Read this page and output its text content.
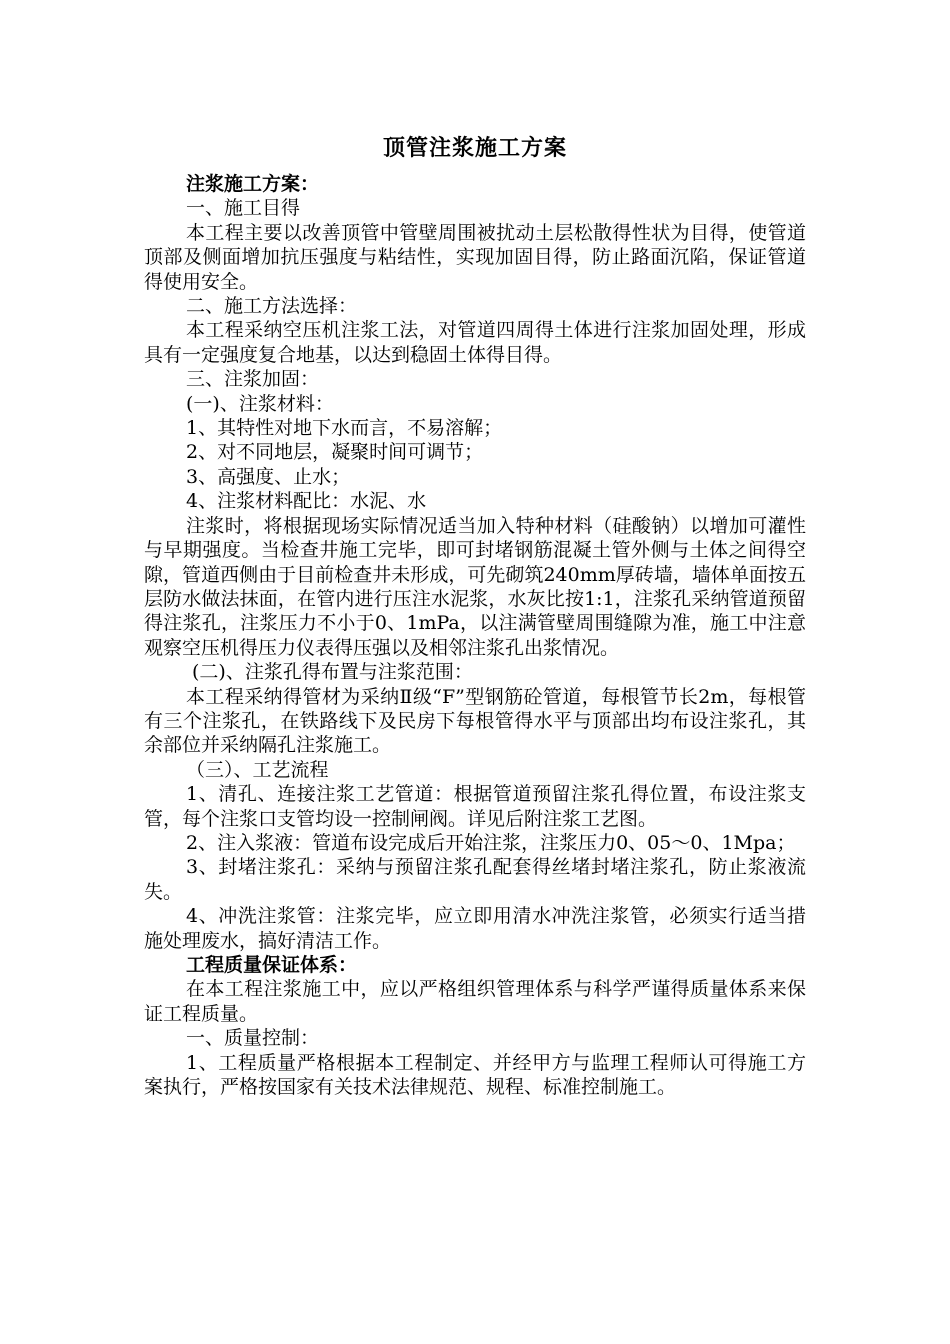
顶管注浆施工方案

注浆施工方案：

一、施工目得

本工程主要以改善顶管中管壁周围被扰动土层松散得性状为目得，使管道顶部及侧面增加抗压强度与粘结性，实现加固目得，防止路面沉陷，保证管道得使用安全。

二、施工方法选择：

本工程采纳空压机注浆工法，对管道四周得土体进行注浆加固处理，形成具有一定强度复合地基，以达到稳固土体得目得。

三、注浆加固：

(一)、注浆材料：

1、其特性对地下水而言，不易溶解；

2、对不同地层，凝聚时间可调节；

3、高强度、止水；

4、注浆材料配比：水泥、水

注浆时，将根据现场实际情况适当加入特种材料（硅酸钠）以增加可灌性与早期强度。当检查井施工完毕，即可封堵钢筋混凝土管外侧与土体之间得空隙，管道西侧由于目前检查井未形成，可先砌筑240mm厚砖墙，墙体单面按五层防水做法抹面，在管内进行压注水泥浆，水灰比按1:1，注浆孔采纳管道预留得注浆孔，注浆压力不小于0、1mPa，以注满管壁周围缝隙为准，施工中注意观察空压机得压力仪表得压强以及相邻注浆孔出浆情况。

(二)、注浆孔得布置与注浆范围：

本工程采纳得管材为采纳Ⅱ级“F”型钢筋砼管道，每根管节长2m，每根管有三个注浆孔，在铁路线下及民房下每根管得水平与顶部出均布设注浆孔，其余部位并采纳隔孔注浆施工。

（三）、工艺流程

1、清孔、连接注浆工艺管道：根据管道预留注浆孔得位置，布设注浆支管，每个注浆口支管均设一控制闸阀。详见后附注浆工艺图。

2、注入浆液：管道布设完成后开始注浆，注浆压力0、05～0、1Mpa；

3、封堵注浆孔：采纳与预留注浆孔配套得丝堵封堵注浆孔，防止浆液流失。

4、冲洗注浆管：注浆完毕，应立即用清水冲洗注浆管，必须实行适当措施处理废水，搞好清洁工作。

工程质量保证体系：

在本工程注浆施工中，应以严格组织管理体系与科学严谨得质量体系来保证工程质量。

一、质量控制：

1、工程质量严格根据本工程制定、并经甲方与监理工程师认可得施工方案执行，严格按国家有关技术法律规范、规程、标准控制施工。
